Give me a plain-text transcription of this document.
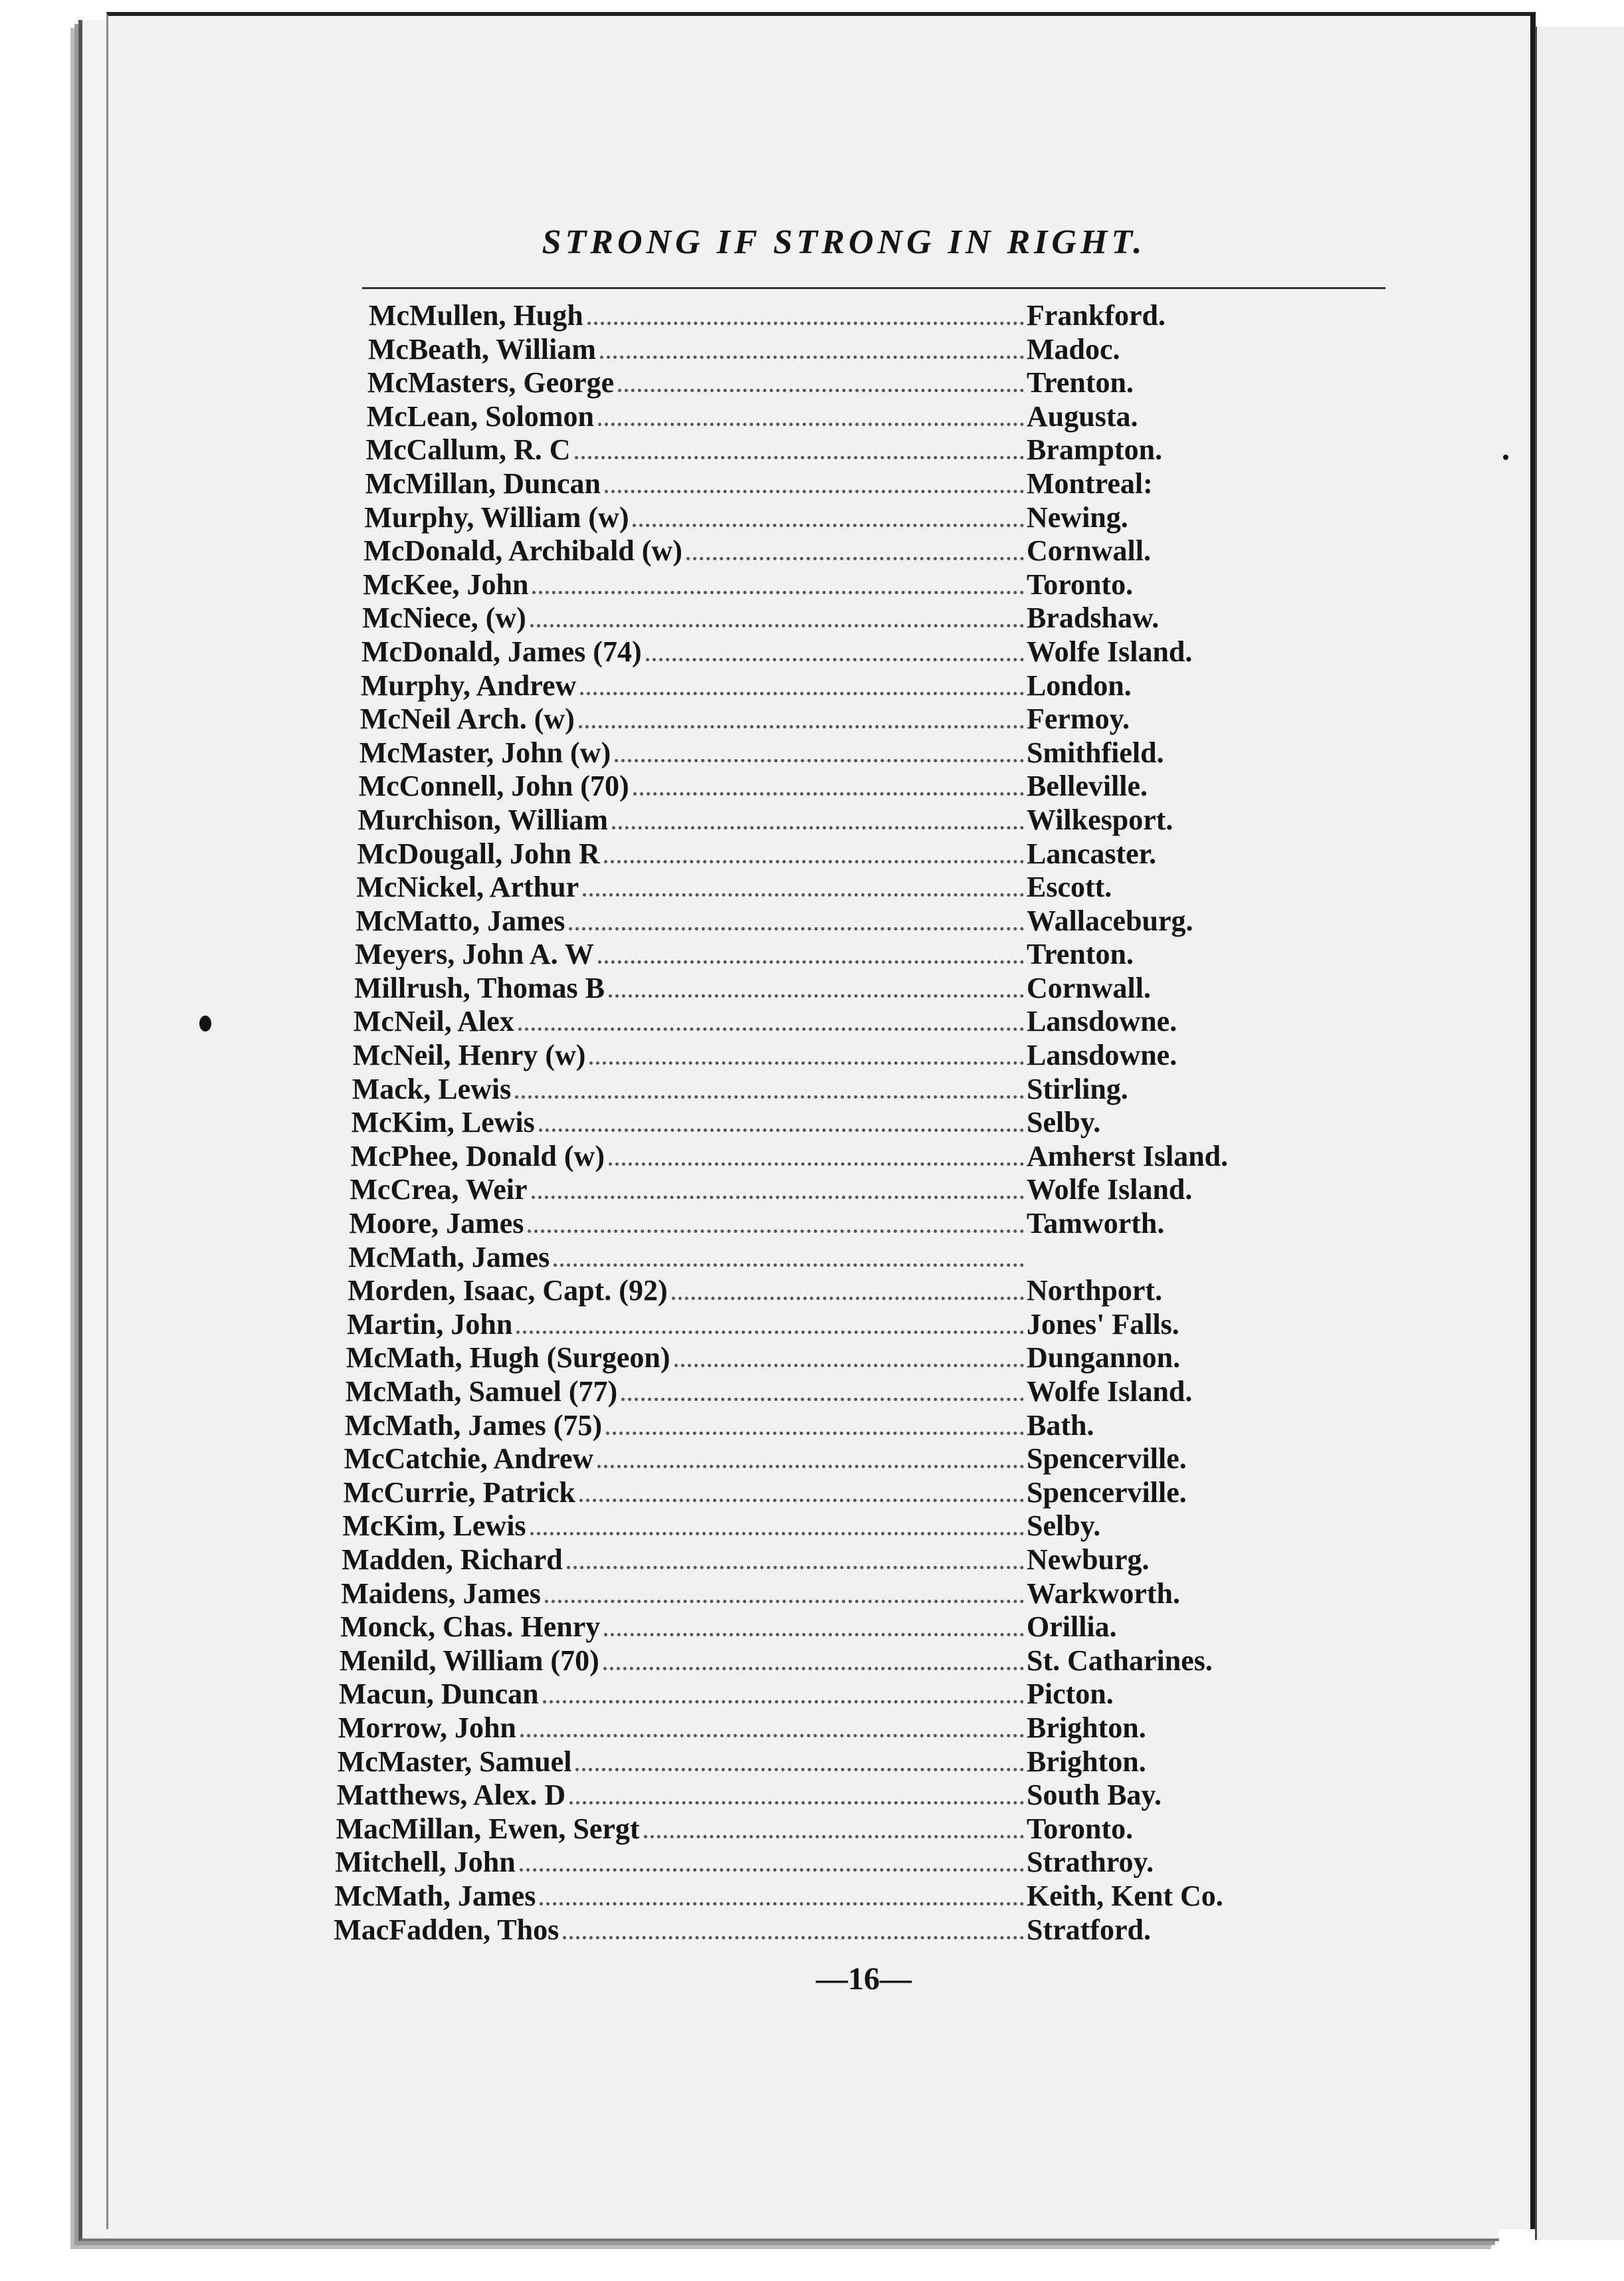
STRONG IF STRONG IN RIGHT.
McMullen, Hugh	Frankford.
McBeath, William	Madoc.
McMasters, George	Trenton.
McLean, Solomon	Augusta.
McCallum, R. C	Brampton.
McMillan, Duncan	Montreal:
Murphy, William (w)	Newing.
McDonald, Archibald (w)	Cornwall.
McKee, John	Toronto.
McNiece, (w)	Bradshaw.
McDonald, James (74)	Wolfe Island.
Murphy, Andrew	London.
McNeil Arch. (w)	Fermoy.
McMaster, John (w)	Smithfield.
McConnell, John (70)	Belleville.
Murchison, William	Wilkesport.
McDougall, John R	Lancaster.
McNickel, Arthur	Escott.
McMatto, James	Wallaceburg.
Meyers, John A. W	Trenton.
Millrush, Thomas B	Cornwall.
McNeil, Alex	Lansdowne.
McNeil, Henry (w)	Lansdowne.
Mack, Lewis	Stirling.
McKim, Lewis	Selby.
McPhee, Donald (w)	Amherst Island.
McCrea, Weir	Wolfe Island.
Moore, James	Tamworth.
McMath, James
Morden, Isaac, Capt. (92)	Northport.
Martin, John	Jones' Falls.
McMath, Hugh (Surgeon)	Dungannon.
McMath, Samuel (77)	Wolfe Island.
McMath, James (75)	Bath.
McCatchie, Andrew	Spencerville.
McCurrie, Patrick	Spencerville.
McKim, Lewis	Selby.
Madden, Richard	Newburg.
Maidens, James	Warkworth.
Monck, Chas. Henry	Orillia.
Menild, William (70)	St. Catharines.
Macun, Duncan	Picton.
Morrow, John	Brighton.
McMaster, Samuel	Brighton.
Matthews, Alex. D	South Bay.
MacMillan, Ewen, Sergt	Toronto.
Mitchell, John	Strathroy.
McMath, James	Keith, Kent Co.
MacFadden, Thos	Stratford.
—16—
